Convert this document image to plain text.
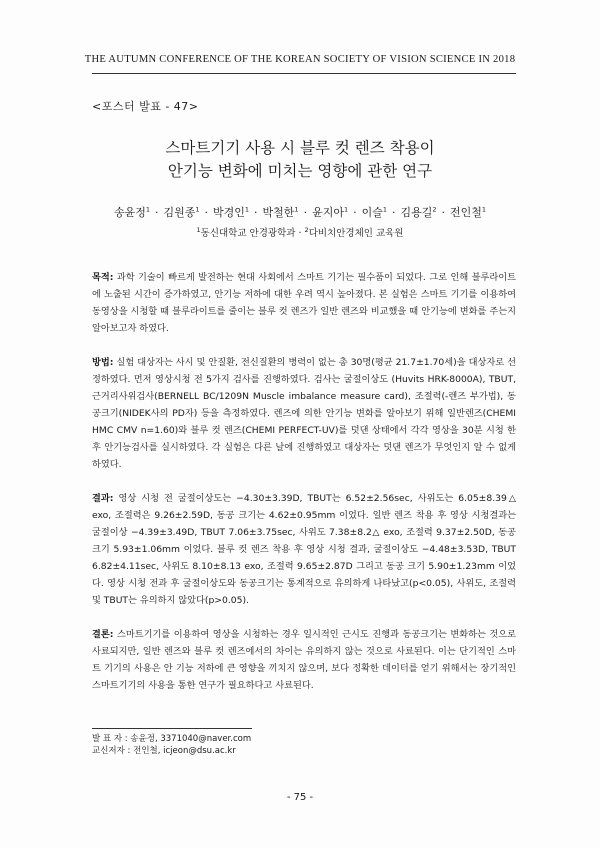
THE AUTUMN CONFERENCE OF THE KOREAN SOCIETY OF VISION SCIENCE IN 2018
<포스터 발표 - 47>
스마트기기 사용 시 블루 컷 렌즈 착용이
안기능 변화에 미치는 영향에 관한 연구
송윤정$^1$ · 김원종$^1$ · 박경인$^1$ · 박철한$^1$ · 윤지아$^1$ · 이슬$^1$ · 김용길$^2$ · 전인철$^1$
$^1$동신대학교 안경광학과 · $^2$다비치안경체인 교육원

목적: 과학 기술이 빠르게 발전하는 현대 사회에서 스마트 기기는 필수품이 되었다. 그로 인해 블루라이트에 노출된 시간이 증가하였고, 안기능 저하에 대한 우려 역시 높아졌다. 본 실험은 스마트 기기를 이용하여 동영상을 시청할 때 블루라이트를 줄이는 블루 컷 렌즈가 일반 렌즈와 비교했을 때 안기능에 변화를 주는지 알아보고자 하였다.

방법: 실험 대상자는 사시 및 안질환, 전신질환의 병력이 없는 총 30명(평균 21.7±1.70세)을 대상자로 선정하였다. 먼저 영상시청 전 5가지 검사를 진행하였다. 검사는 굴절이상도 (Huvits HRK-8000A), TBUT, 근거리사위검사(BERNELL BC/1209N Muscle imbalance measure card), 조절력(-렌즈 부가법), 동공크기(NIDEK사의 PD자) 등을 측정하였다. 렌즈에 의한 안기능 변화를 알아보기 위해 일반렌즈(CHEMI HMC CMV n=1.60)와 블루 컷 렌즈(CHEMI PERFECT-UV)를 덧댄 상태에서 각각 영상을 30분 시청 한 후 안기능검사를 실시하였다. 각 실험은 다른 날에 진행하였고 대상자는 덧댄 렌즈가 무엇인지 알 수 없게 하였다.

결과: 영상 시청 전 굴절이상도는 −4.30±3.39D, TBUT는 6.52±2.56sec, 사위도는 6.05±8.39△ exo, 조절력은 9.26±2.59D, 동공 크기는 4.62±0.95mm 이었다. 일반 렌즈 착용 후 영상 시청결과는 굴절이상 −4.39±3.49D, TBUT 7.06±3.75sec, 사위도 7.38±8.2△ exo, 조절력 9.37±2.50D, 동공 크기 5.93±1.06mm 이었다. 블루 컷 렌즈 착용 후 영상 시청 결과, 굴절이상도 −4.48±3.53D, TBUT 6.82±4.11sec, 사위도 8.10±8.13 exo, 조절력 9.65±2.87D 그리고 동공 크기 5.90±1.23mm 이었다. 영상 시청 전과 후 굴절이상도와 동공크기는 통계적으로 유의하게 나타났고(p<0.05), 사위도, 조절력 및 TBUT는 유의하지 않았다(p>0.05).

결론: 스마트기기를 이용하여 영상을 시청하는 경우 일시적인 근시도 진행과 동공크기는 변화하는 것으로 사료되지만, 일반 렌즈와 블루 컷 렌즈에서의 차이는 유의하지 않는 것으로 사료된다. 이는 단기적인 스마트 기기의 사용은 안 기능 저하에 큰 영향을 끼치지 않으며, 보다 정확한 데이터를 얻기 위해서는 장기적인 스마트기기의 사용을 통한 연구가 필요하다고 사료된다.

발 표 자 : 송윤정, 3371040@naver.com
교신저자 : 전인철, icjeon@dsu.ac.kr
- 75 -
